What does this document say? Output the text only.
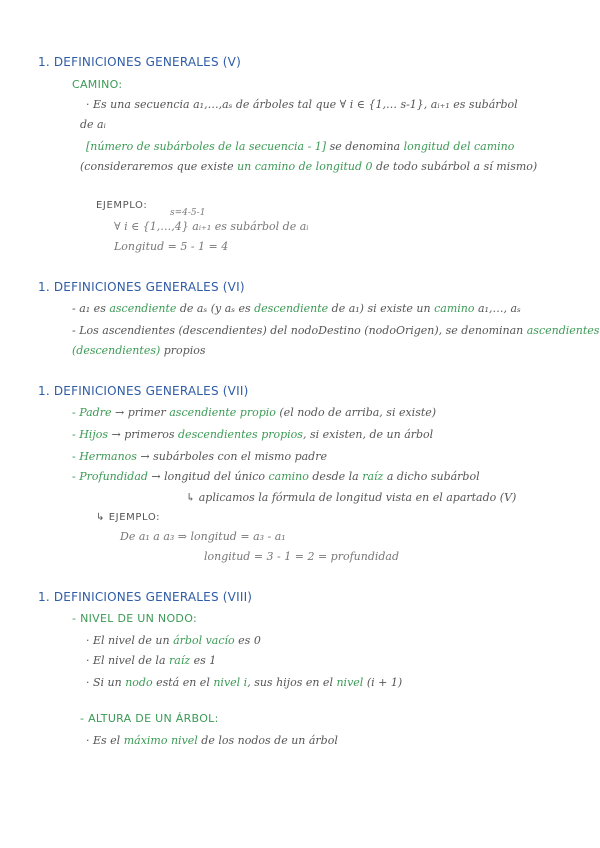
1. DEFINICIONES GENERALES (V)
CAMINO:
· Es una secuencia a₁,…,aₛ de árboles tal que ∀ i ∈ {1,… s-1}, aᵢ₊₁ es subárbol
de aᵢ
[número de subárboles de la secuencia - 1] se denomina longitud del camino
(consideraremos que existe un camino de longitud 0 de todo subárbol a sí mismo)
EJEMPLO:
s=4-5-1
∀ i ∈ {1,…,4} aᵢ₊₁ es subárbol de aᵢ
Longitud = 5 - 1 = 4
1. DEFINICIONES GENERALES (VI)
- a₁ es ascendiente de aₛ (y aₛ es descendiente de a₁) si existe un camino a₁,…, aₛ
- Los ascendientes (descendientes) del nodoDestino (nodoOrigen), se denominan ascendientes
(descendientes) propios
1. DEFINICIONES GENERALES (VII)
- Padre → primer ascendiente propio (el nodo de arriba, si existe)
- Hijos → primeros descendientes propios, si existen, de un árbol
- Hermanos → subárboles con el mismo padre
- Profundidad → longitud del único camino desde la raíz a dicho subárbol
↳ aplicamos la fórmula de longitud vista en el apartado (V)
↳ EJEMPLO:
De a₁ a a₃ ⇒ longitud = a₃ - a₁
longitud = 3 - 1 = 2 = profundidad
1. DEFINICIONES GENERALES (VIII)
- NIVEL DE UN NODO:
· El nivel de un árbol vacío es 0
· El nivel de la raíz es 1
· Si un nodo está en el nivel i, sus hijos en el nivel (i + 1)
- ALTURA DE UN ÁRBOL:
· Es el máximo nivel de los nodos de un árbol
